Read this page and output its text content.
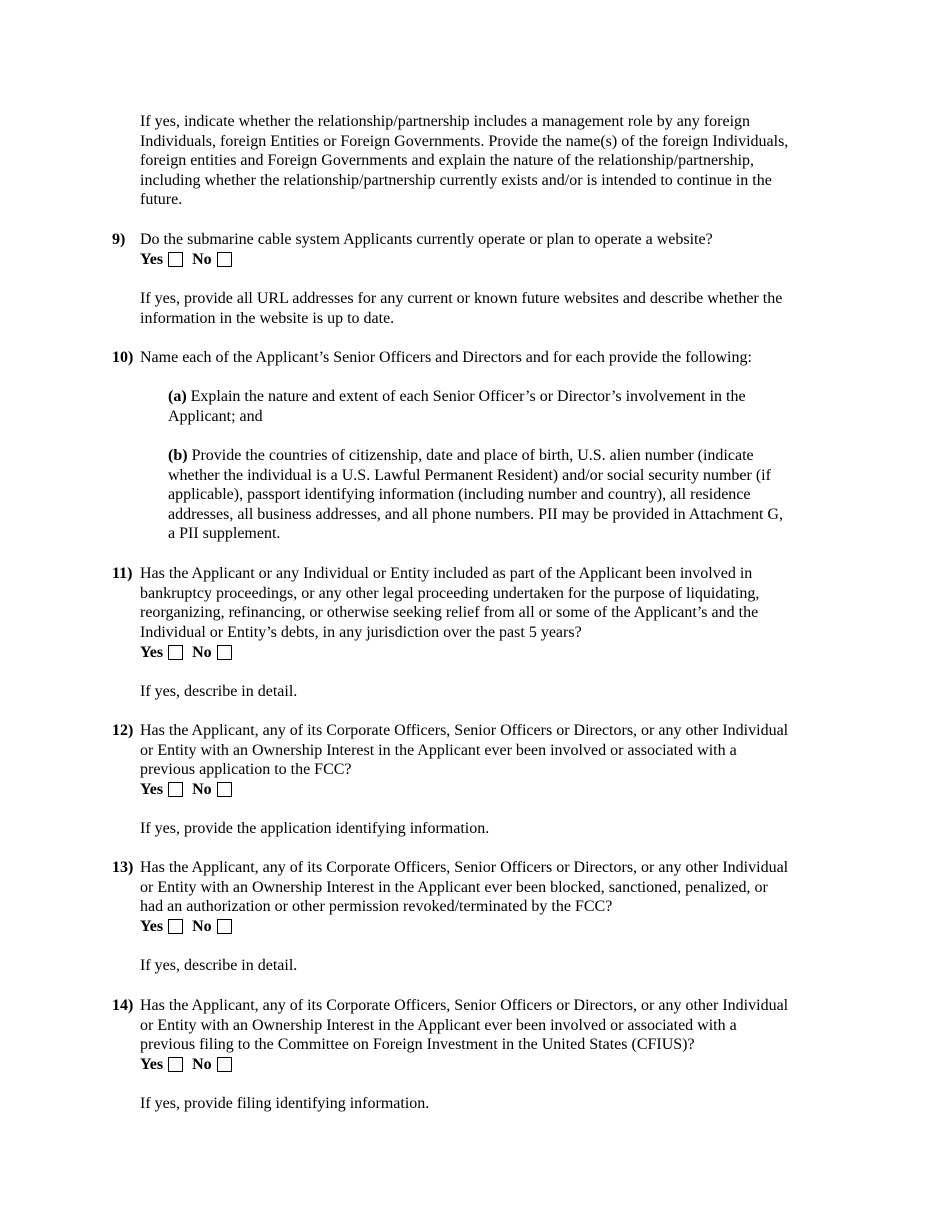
If yes, indicate whether the relationship/partnership includes a management role by any foreign
Individuals, foreign Entities or Foreign Governments. Provide the name(s) of the foreign Individuals,
foreign entities and Foreign Governments and explain the nature of the relationship/partnership,
including whether the relationship/partnership currently exists and/or is intended to continue in the
future.

9) Do the submarine cable system Applicants currently operate or plan to operate a website?

Yes No

If yes, provide all URL addresses for any current or known future websites and describe whether the
information in the website is up to date.

10) Name each of the Applicant’s Senior Officers and Directors and for each provide the following:

(a) Explain the nature and extent of each Senior Officer’s or Director’s involvement in the
Applicant; and

(b) Provide the countries of citizenship, date and place of birth, U.S. alien number (indicate
whether the individual is a U.S. Lawful Permanent Resident) and/or social security number (if
applicable), passport identifying information (including number and country), all residence
addresses, all business addresses, and all phone numbers. PII may be provided in Attachment G,
a PII supplement.

11) Has the Applicant or any Individual or Entity included as part of the Applicant been involved in
bankruptcy proceedings, or any other legal proceeding undertaken for the purpose of liquidating,
reorganizing, refinancing, or otherwise seeking relief from all or some of the Applicant’s and the
Individual or Entity’s debts, in any jurisdiction over the past 5 years?

Yes No

If yes, describe in detail.

12) Has the Applicant, any of its Corporate Officers, Senior Officers or Directors, or any other Individual
or Entity with an Ownership Interest in the Applicant ever been involved or associated with a
previous application to the FCC?

Yes No

If yes, provide the application identifying information.

13) Has the Applicant, any of its Corporate Officers, Senior Officers or Directors, or any other Individual
or Entity with an Ownership Interest in the Applicant ever been blocked, sanctioned, penalized, or
had an authorization or other permission revoked/terminated by the FCC?

Yes No

If yes, describe in detail.

14) Has the Applicant, any of its Corporate Officers, Senior Officers or Directors, or any other Individual
or Entity with an Ownership Interest in the Applicant ever been involved or associated with a
previous filing to the Committee on Foreign Investment in the United States (CFIUS)?

Yes No

If yes, provide filing identifying information.
